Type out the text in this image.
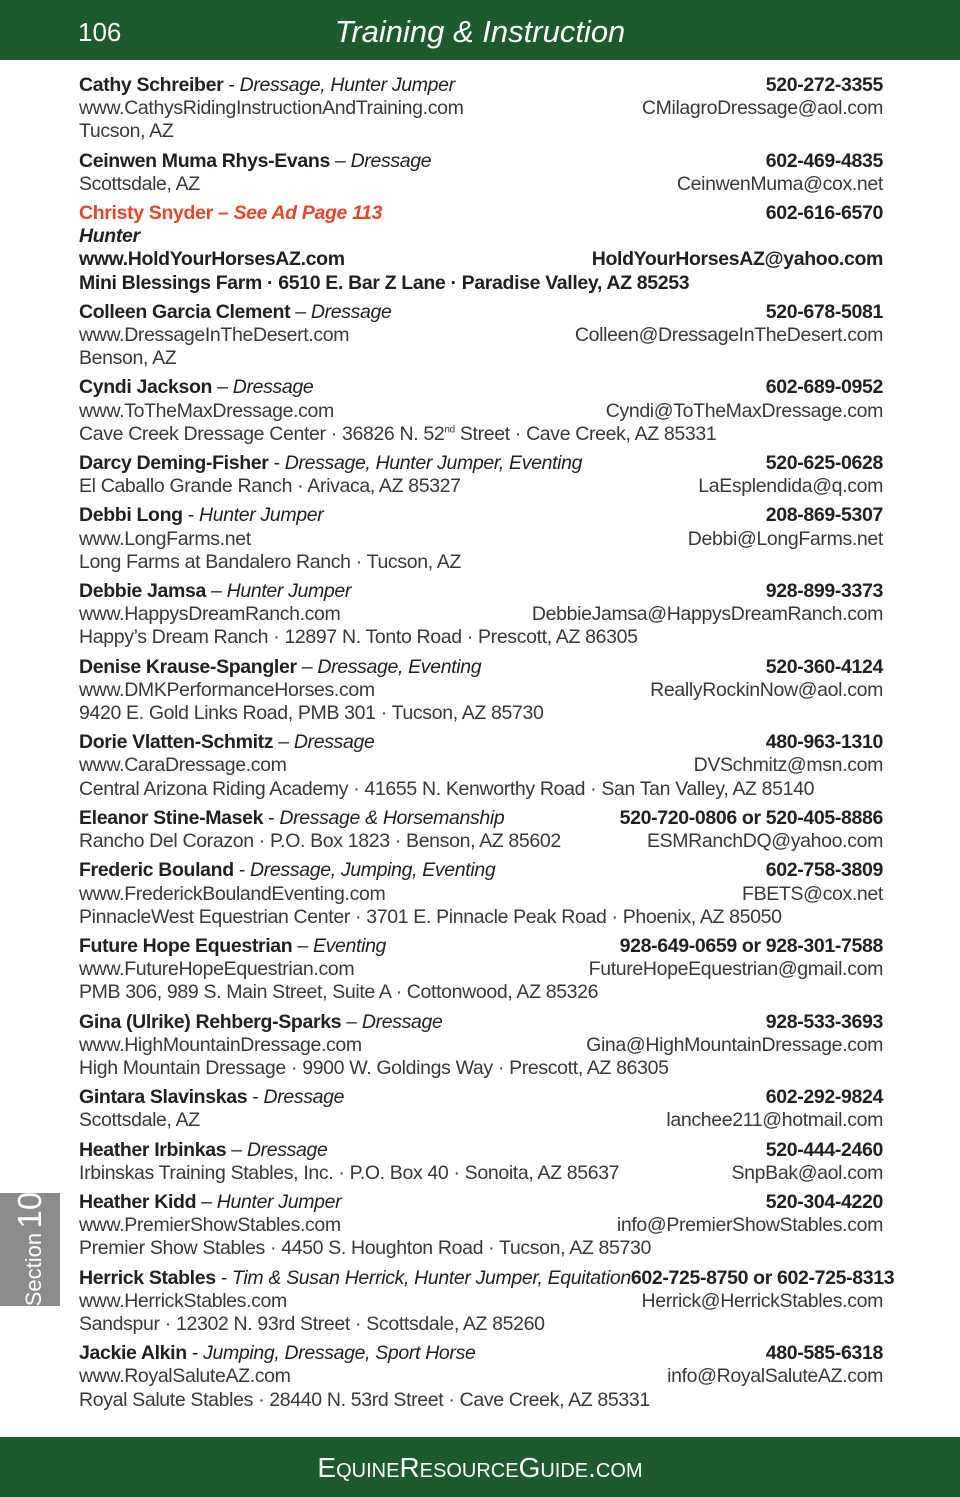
106	Training & Instruction
Cathy Schreiber - Dressage, Hunter Jumper	520-272-3355
www.CathysRidingInstructionAndTraining.com	CMilagroDressage@aol.com
Tucson, AZ
Ceinwen Muma Rhys-Evans – Dressage	602-469-4835
Scottsdale, AZ	CeinwenMuma@cox.net
Christy Snyder – See Ad Page 113	602-616-6570
Hunter
www.HoldYourHorsesAZ.com	HoldYourHorsesAZ@yahoo.com
Mini Blessings Farm · 6510 E. Bar Z Lane · Paradise Valley, AZ 85253
Colleen Garcia Clement – Dressage	520-678-5081
www.DressageInTheDesert.com	Colleen@DressageInTheDesert.com
Benson, AZ
Cyndi Jackson – Dressage	602-689-0952
www.ToTheMaxDressage.com	Cyndi@ToTheMaxDressage.com
Cave Creek Dressage Center · 36826 N. 52nd Street · Cave Creek, AZ 85331
Darcy Deming-Fisher - Dressage, Hunter Jumper, Eventing	520-625-0628
El Caballo Grande Ranch · Arivaca, AZ 85327	LaEsplendida@q.com
Debbi Long - Hunter Jumper	208-869-5307
www.LongFarms.net	Debbi@LongFarms.net
Long Farms at Bandalero Ranch · Tucson, AZ
Debbie Jamsa – Hunter Jumper	928-899-3373
www.HappysDreamRanch.com	DebbieJamsa@HappysDreamRanch.com
Happy’s Dream Ranch · 12897 N. Tonto Road · Prescott, AZ 86305
Denise Krause-Spangler – Dressage, Eventing	520-360-4124
www.DMKPerformanceHorses.com	ReallyRockinNow@aol.com
9420 E. Gold Links Road, PMB 301 · Tucson, AZ 85730
Dorie Vlatten-Schmitz – Dressage	480-963-1310
www.CaraDressage.com	DVSchmitz@msn.com
Central Arizona Riding Academy · 41655 N. Kenworthy Road · San Tan Valley, AZ 85140
Eleanor Stine-Masek - Dressage & Horsemanship	520-720-0806 or 520-405-8886
Rancho Del Corazon · P.O. Box 1823 · Benson, AZ 85602	ESMRanchDQ@yahoo.com
Frederic Bouland - Dressage, Jumping, Eventing	602-758-3809
www.FrederickBoulandEventing.com	FBETS@cox.net
PinnacleWest Equestrian Center · 3701 E. Pinnacle Peak Road · Phoenix, AZ 85050
Future Hope Equestrian – Eventing	928-649-0659 or 928-301-7588
www.FutureHopeEquestrian.com	FutureHopeEquestrian@gmail.com
PMB 306, 989 S. Main Street, Suite A · Cottonwood, AZ 85326
Gina (Ulrike) Rehberg-Sparks – Dressage	928-533-3693
www.HighMountainDressage.com	Gina@HighMountainDressage.com
High Mountain Dressage · 9900 W. Goldings Way · Prescott, AZ 86305
Gintara Slavinskas - Dressage	602-292-9824
Scottsdale, AZ	lanchee211@hotmail.com
Heather Irbinkas – Dressage	520-444-2460
Irbinskas Training Stables, Inc. · P.O. Box 40 · Sonoita, AZ 85637	SnpBak@aol.com
Heather Kidd – Hunter Jumper	520-304-4220
www.PremierShowStables.com	info@PremierShowStables.com
Premier Show Stables · 4450 S. Houghton Road · Tucson, AZ 85730
Herrick Stables - Tim & Susan Herrick, Hunter Jumper, Equitation 602-725-8750 or 602-725-8313
www.HerrickStables.com	Herrick@HerrickStables.com
Sandspur · 12302 N. 93rd Street · Scottsdale, AZ 85260
Jackie Alkin - Jumping, Dressage, Sport Horse	480-585-6318
www.RoyalSaluteAZ.com	info@RoyalSaluteAZ.com
Royal Salute Stables · 28440 N. 53rd Street · Cave Creek, AZ 85331
Section 10
EquineResourceGuide.com
